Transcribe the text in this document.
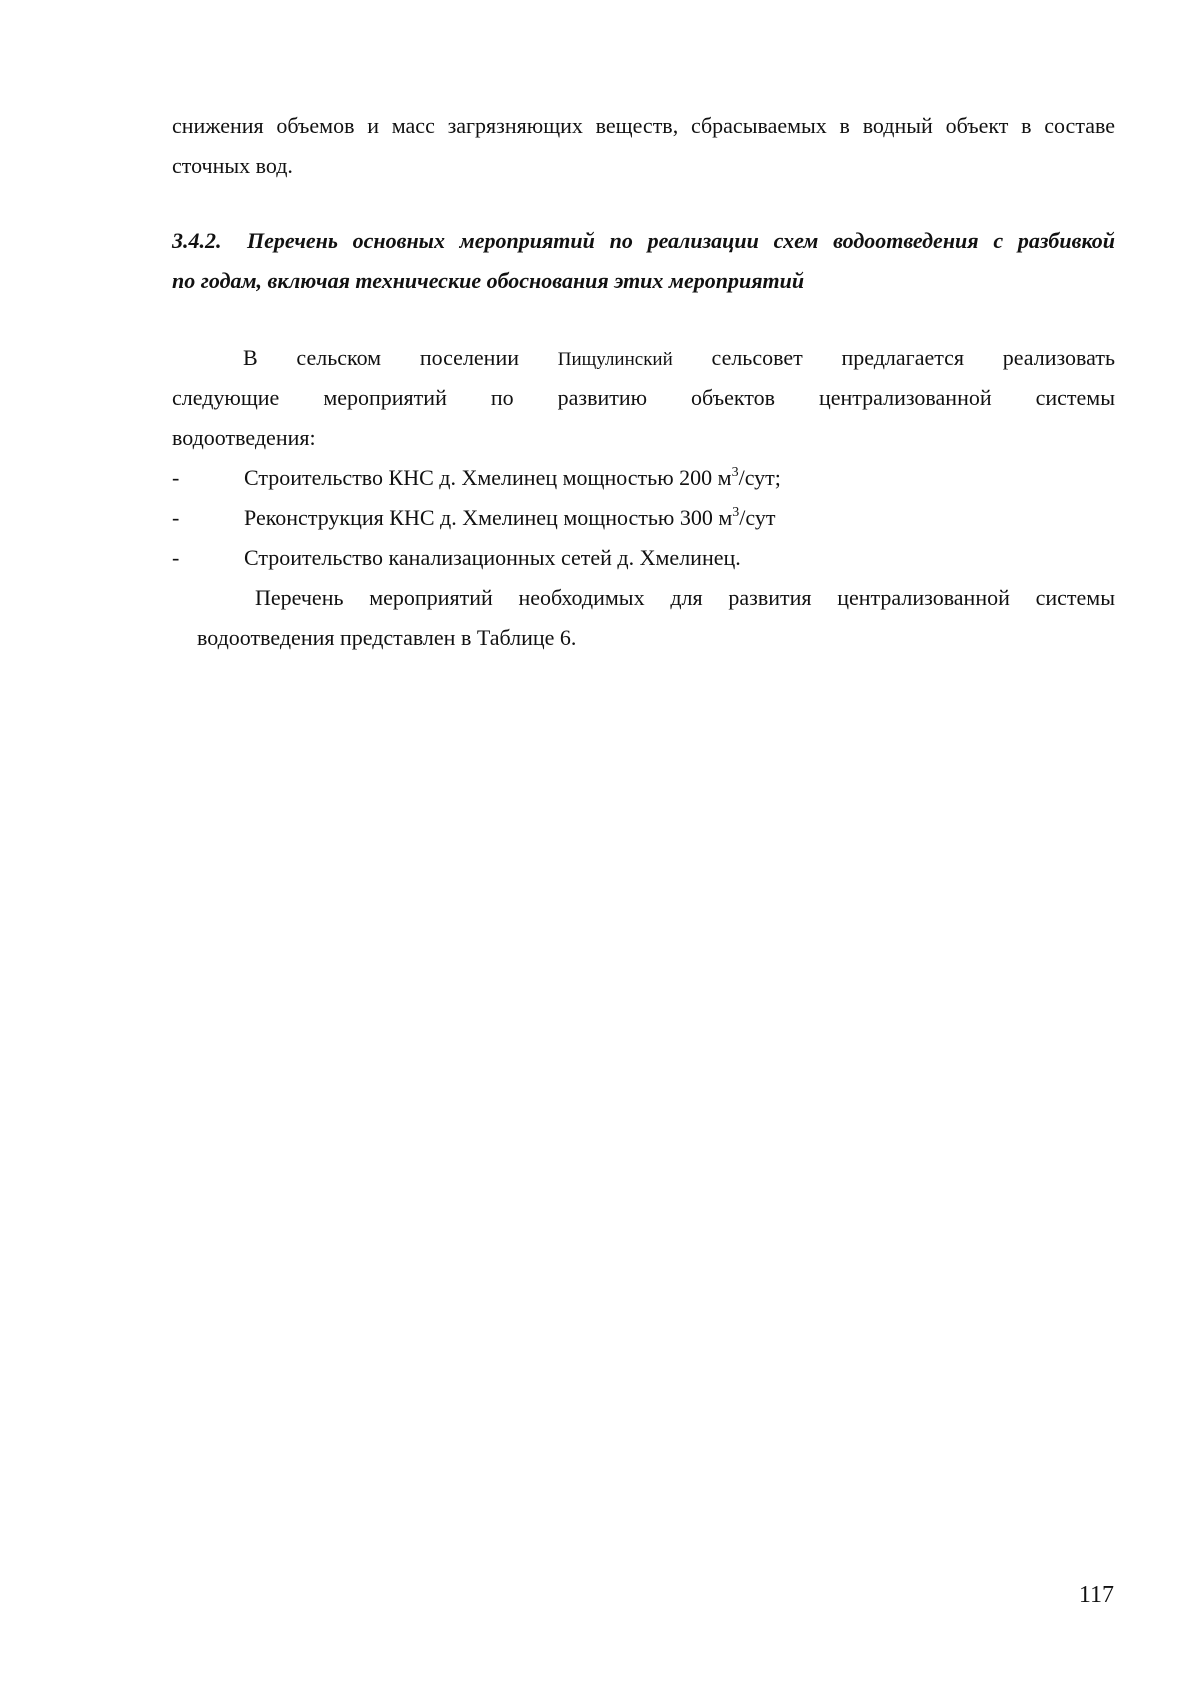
снижения объемов и масс загрязняющих веществ, сбрасываемых в водный объект в составе
сточных вод.
3.4.2. Перечень основных мероприятий по реализации схем водоотведения с разбивкой
по годам, включая технические обоснования этих мероприятий
В сельском поселении Пищулинский сельсовет предлагается реализовать
следующие мероприятий по развитию объектов централизованной системы
водоотведения:
-	Строительство КНС д. Хмелинец мощностью 200 $м^3$/сут;
-	Реконструкция КНС д. Хмелинец мощностью 300 $м^3$/сут
-	Строительство канализационных сетей д. Хмелинец.
Перечень мероприятий необходимых для развития централизованной системы
водоотведения представлен в Таблице 6.
117
